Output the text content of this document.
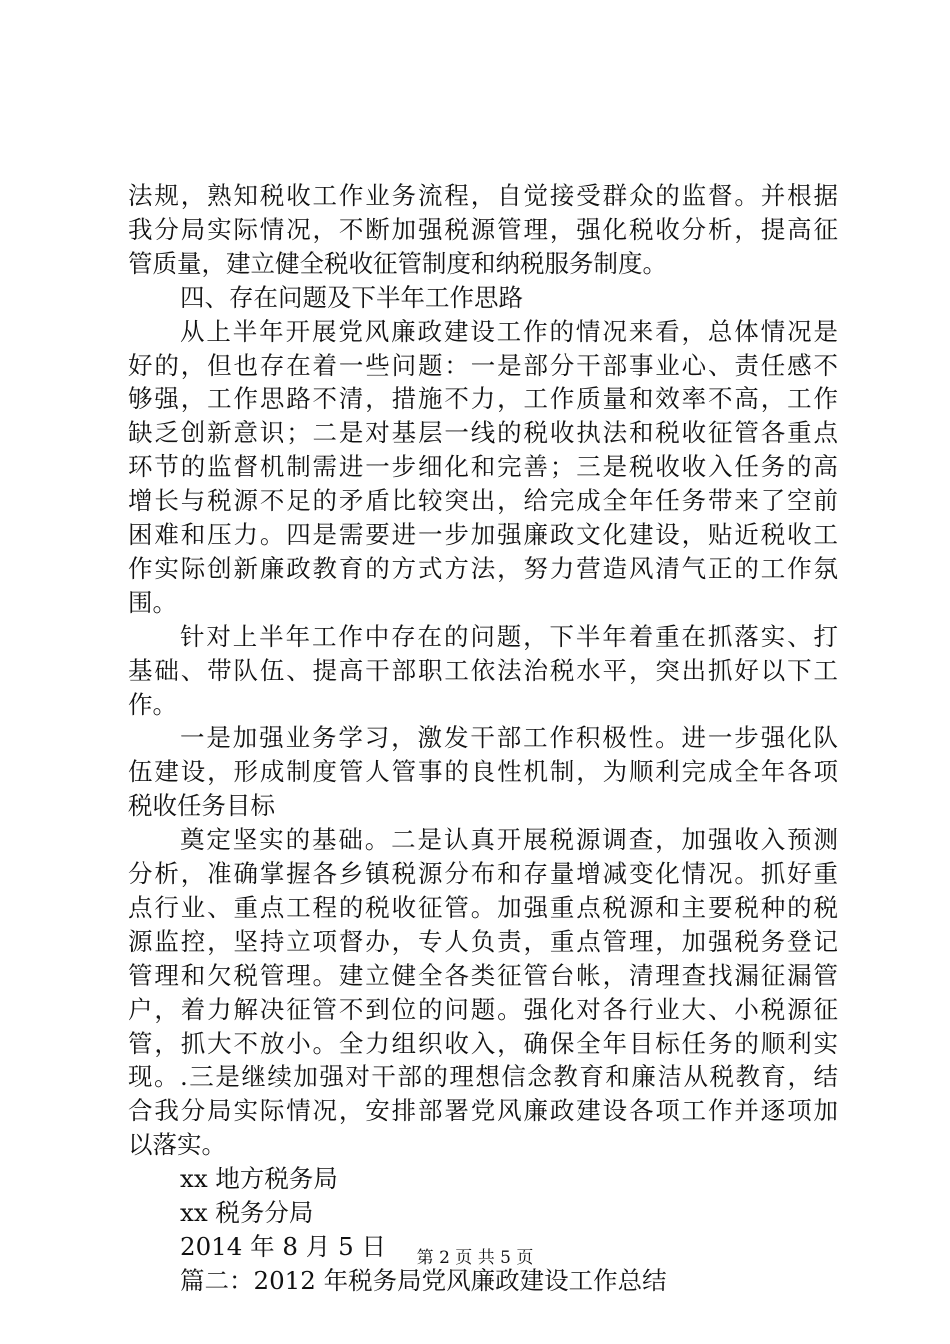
第 2 页 共 5 页
法规，熟知税收工作业务流程，自觉接受群众的监督。并根据
我分局实际情况，不断加强税源管理，强化税收分析，提高征
管质量，建立健全税收征管制度和纳税服务制度。
四、存在问题及下半年工作思路
从上半年开展党风廉政建设工作的情况来看，总体情况是
好的，但也存在着一些问题：一是部分干部事业心、责任感不
够强，工作思路不清，措施不力，工作质量和效率不高，工作
缺乏创新意识；二是对基层一线的税收执法和税收征管各重点
环节的监督机制需进一步细化和完善；三是税收收入任务的高
增长与税源不足的矛盾比较突出，给完成全年任务带来了空前
困难和压力。四是需要进一步加强廉政文化建设，贴近税收工
作实际创新廉政教育的方式方法，努力营造风清气正的工作氛
围。
针对上半年工作中存在的问题，下半年着重在抓落实、打
基础、带队伍、提高干部职工依法治税水平，突出抓好以下工
作。
一是加强业务学习，激发干部工作积极性。进一步强化队
伍建设，形成制度管人管事的良性机制，为顺利完成全年各项
税收任务目标
奠定坚实的基础。二是认真开展税源调查，加强收入预测
分析，准确掌握各乡镇税源分布和存量增减变化情况。抓好重
点行业、重点工程的税收征管。加强重点税源和主要税种的税
源监控，坚持立项督办，专人负责，重点管理，加强税务登记
管理和欠税管理。建立健全各类征管台帐，清理查找漏征漏管
户，着力解决征管不到位的问题。强化对各行业大、小税源征
管，抓大不放小。全力组织收入，确保全年目标任务的顺利实
现。.三是继续加强对干部的理想信念教育和廉洁从税教育，结
合我分局实际情况，安排部署党风廉政建设各项工作并逐项加
以落实。
xx 地方税务局
xx 税务分局
2014 年 8 月 5 日
篇二：2012 年税务局党风廉政建设工作总结
